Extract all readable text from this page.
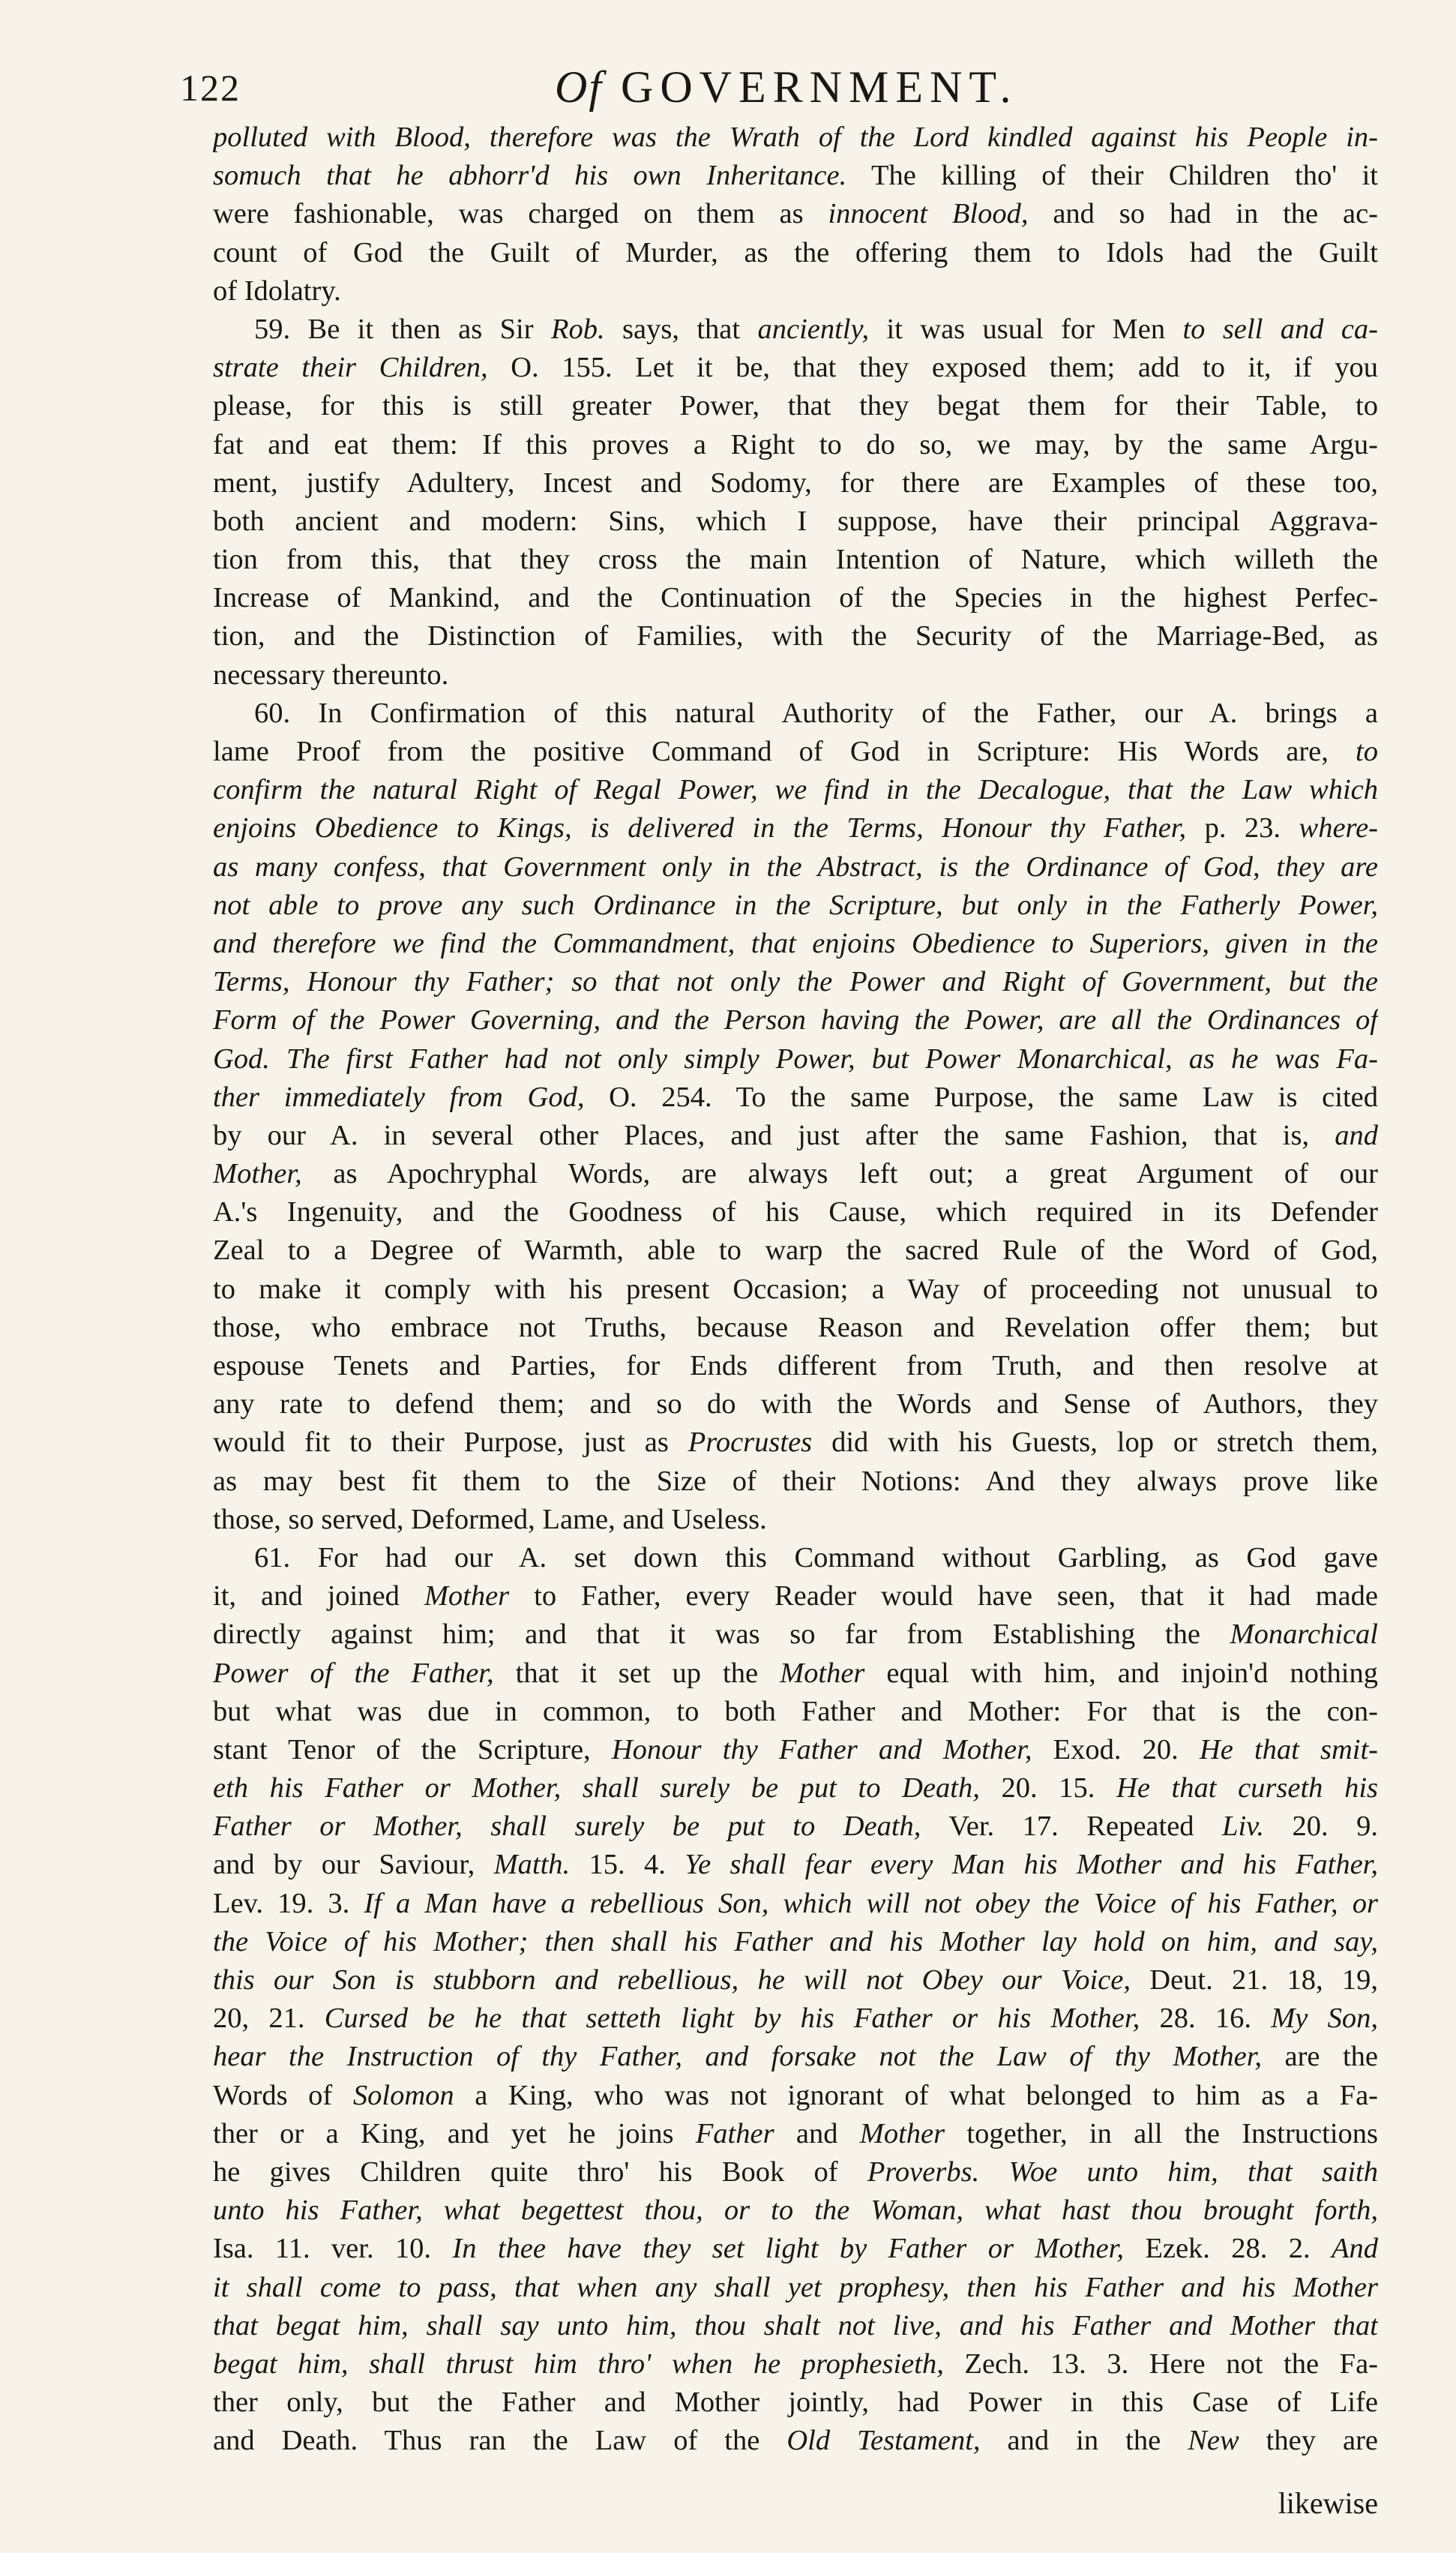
122	Of GOVERNMENT.
polluted with Blood, therefore was the Wrath of the Lord kindled against his People in-
somuch that he abhorr'd his own Inheritance. The killing of their Children tho' it
were fashionable, was charged on them as innocent Blood, and so had in the ac-
count of God the Guilt of Murder, as the offering them to Idols had the Guilt
of Idolatry.
59. Be it then as Sir Rob. says, that anciently, it was usual for Men to sell and ca-
strate their Children, O. 155. Let it be, that they exposed them; add to it, if you
please, for this is still greater Power, that they begat them for their Table, to
fat and eat them: If this proves a Right to do so, we may, by the same Argu-
ment, justify Adultery, Incest and Sodomy, for there are Examples of these too,
both ancient and modern: Sins, which I suppose, have their principal Aggrava-
tion from this, that they cross the main Intention of Nature, which willeth the
Increase of Mankind, and the Continuation of the Species in the highest Perfec-
tion, and the Distinction of Families, with the Security of the Marriage-Bed, as
necessary thereunto.
60. In Confirmation of this natural Authority of the Father, our A. brings a
lame Proof from the positive Command of God in Scripture: His Words are, to
confirm the natural Right of Regal Power, we find in the Decalogue, that the Law which
enjoins Obedience to Kings, is delivered in the Terms, Honour thy Father, p. 23. where-
as many confess, that Government only in the Abstract, is the Ordinance of God, they are
not able to prove any such Ordinance in the Scripture, but only in the Fatherly Power,
and therefore we find the Commandment, that enjoins Obedience to Superiors, given in the
Terms, Honour thy Father; so that not only the Power and Right of Government, but the
Form of the Power Governing, and the Person having the Power, are all the Ordinances of
God. The first Father had not only simply Power, but Power Monarchical, as he was Fa-
ther immediately from God, O. 254. To the same Purpose, the same Law is cited
by our A. in several other Places, and just after the same Fashion, that is, and
Mother, as Apochryphal Words, are always left out; a great Argument of our
A.'s Ingenuity, and the Goodness of his Cause, which required in its Defender
Zeal to a Degree of Warmth, able to warp the sacred Rule of the Word of God,
to make it comply with his present Occasion; a Way of proceeding not unusual to
those, who embrace not Truths, because Reason and Revelation offer them; but
espouse Tenets and Parties, for Ends different from Truth, and then resolve at
any rate to defend them; and so do with the Words and Sense of Authors, they
would fit to their Purpose, just as Procrustes did with his Guests, lop or stretch them,
as may best fit them to the Size of their Notions: And they always prove like
those, so served, Deformed, Lame, and Useless.
61. For had our A. set down this Command without Garbling, as God gave
it, and joined Mother to Father, every Reader would have seen, that it had made
directly against him; and that it was so far from Establishing the Monarchical
Power of the Father, that it set up the Mother equal with him, and injoin'd nothing
but what was due in common, to both Father and Mother: For that is the con-
stant Tenor of the Scripture, Honour thy Father and Mother, Exod. 20. He that smit-
eth his Father or Mother, shall surely be put to Death, 20. 15. He that curseth his
Father or Mother, shall surely be put to Death, Ver. 17. Repeated Liv. 20. 9.
and by our Saviour, Matth. 15. 4. Ye shall fear every Man his Mother and his Father,
Lev. 19. 3. If a Man have a rebellious Son, which will not obey the Voice of his Father, or
the Voice of his Mother; then shall his Father and his Mother lay hold on him, and say,
this our Son is stubborn and rebellious, he will not Obey our Voice, Deut. 21. 18, 19,
20, 21. Cursed be he that setteth light by his Father or his Mother, 28. 16. My Son,
hear the Instruction of thy Father, and forsake not the Law of thy Mother, are the
Words of Solomon a King, who was not ignorant of what belonged to him as a Fa-
ther or a King, and yet he joins Father and Mother together, in all the Instructions
he gives Children quite thro' his Book of Proverbs. Woe unto him, that saith
unto his Father, what begettest thou, or to the Woman, what hast thou brought forth,
Isa. 11. ver. 10. In thee have they set light by Father or Mother, Ezek. 28. 2. And
it shall come to pass, that when any shall yet prophesy, then his Father and his Mother
that begat him, shall say unto him, thou shalt not live, and his Father and Mother that
begat him, shall thrust him thro' when he prophesieth, Zech. 13. 3. Here not the Fa-
ther only, but the Father and Mother jointly, had Power in this Case of Life
and Death. Thus ran the Law of the Old Testament, and in the New they are
likewise
